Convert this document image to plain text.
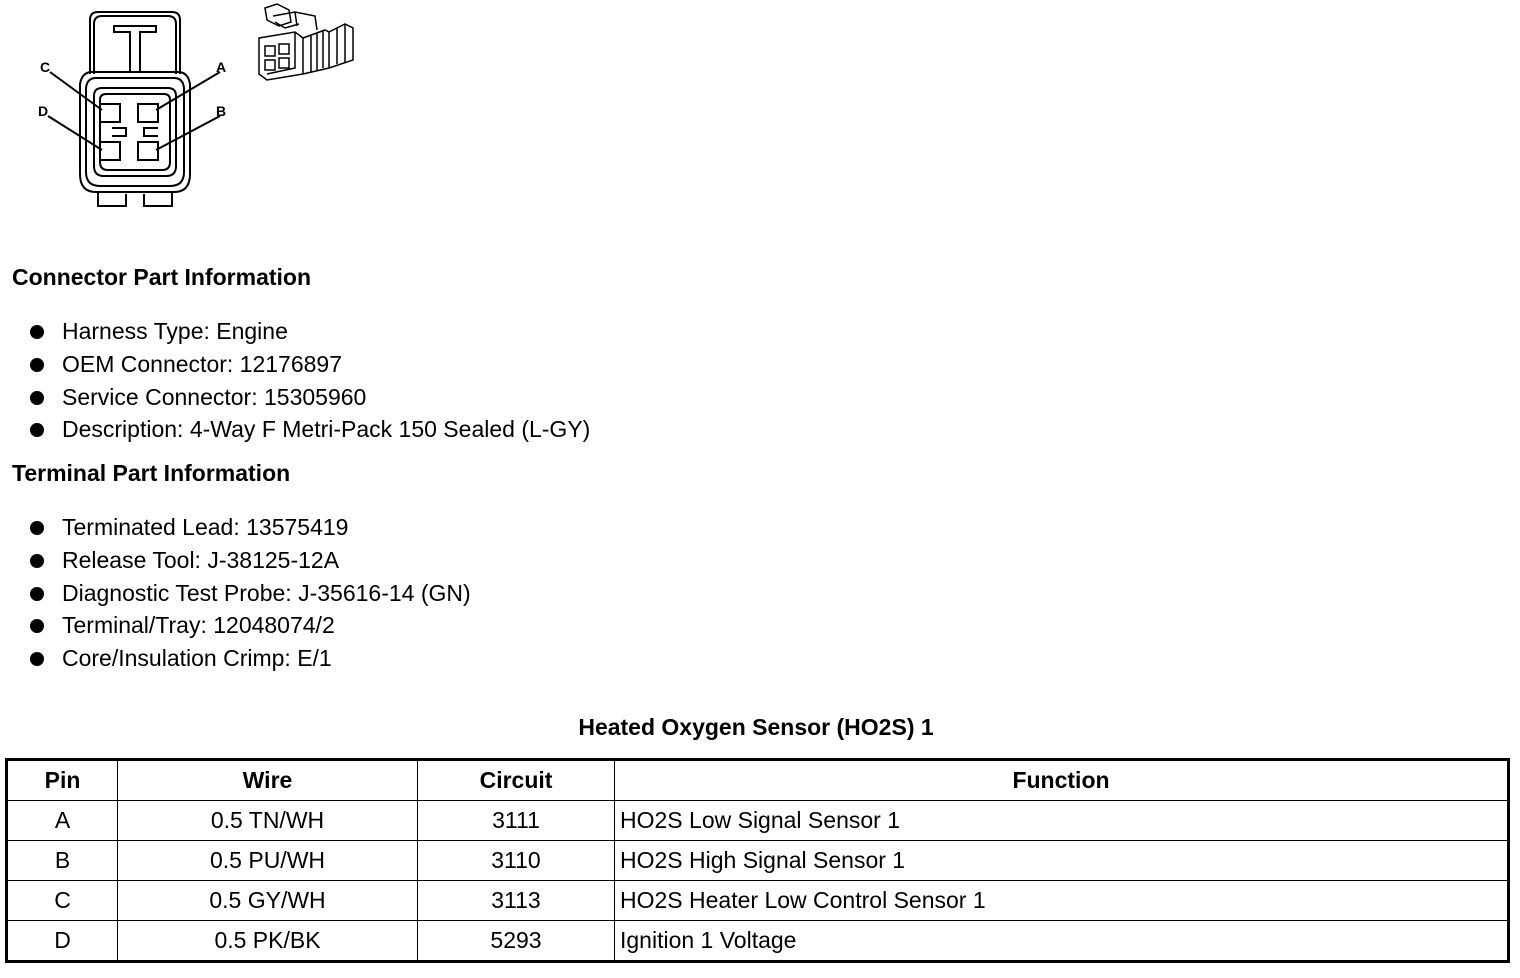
C	A
D	B
Connector Part Information
Harness Type: Engine
OEM Connector: 12176897
Service Connector: 15305960
Description: 4-Way F Metri-Pack 150 Sealed (L-GY)
Terminal Part Information
Terminated Lead: 13575419
Release Tool: J-38125-12A
Diagnostic Test Probe: J-35616-14 (GN)
Terminal/Tray: 12048074/2
Core/Insulation Crimp: E/1
Heated Oxygen Sensor (HO2S) 1
Pin	Wire	Circuit	Function
A	0.5 TN/WH	3111	HO2S Low Signal Sensor 1
B	0.5 PU/WH	3110	HO2S High Signal Sensor 1
C	0.5 GY/WH	3113	HO2S Heater Low Control Sensor 1
D	0.5 PK/BK	5293	Ignition 1 Voltage
